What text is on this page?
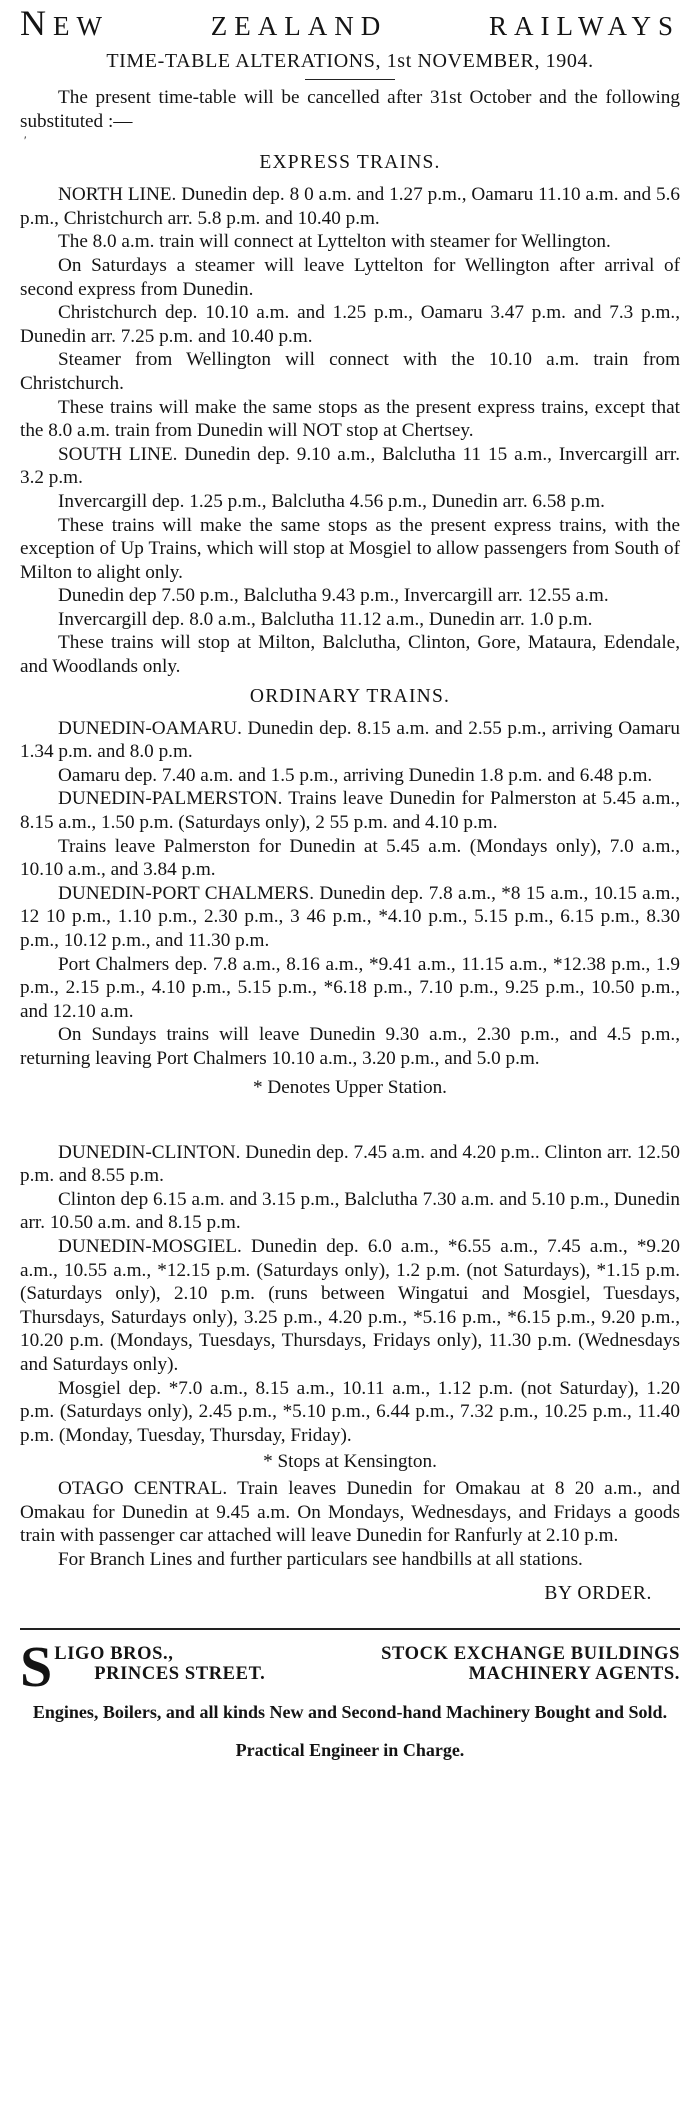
NEW	ZEALAND	RAILWAYS
TIME-TABLE ALTERATIONS, 1st NOVEMBER, 1904.

The present time-table will be cancelled after 31st October and the following substituted :—

′
EXPRESS TRAINS.

NORTH LINE. Dunedin dep. 8 0 a.m. and 1.27 p.m., Oamaru 11.10 a.m. and 5.6 p.m., Christchurch arr. 5.8 p.m. and 10.40 p.m.

The 8.0 a.m. train will connect at Lyttelton with steamer for Wellington.

On Saturdays a steamer will leave Lyttelton for Wellington after arrival of second express from Dunedin.

Christchurch dep. 10.10 a.m. and 1.25 p.m., Oamaru 3.47 p.m. and 7.3 p.m., Dunedin arr. 7.25 p.m. and 10.40 p.m.

Steamer from Wellington will connect with the 10.10 a.m. train from Christchurch.

These trains will make the same stops as the present express trains, except that the 8.0 a.m. train from Dunedin will NOT stop at Chertsey.

SOUTH LINE. Dunedin dep. 9.10 a.m., Balclutha 11 15 a.m., Invercargill arr. 3.2 p.m.

Invercargill dep. 1.25 p.m., Balclutha 4.56 p.m., Dunedin arr. 6.58 p.m.

These trains will make the same stops as the present express trains, with the exception of Up Trains, which will stop at Mosgiel to allow passengers from South of Milton to alight only.

Dunedin dep 7.50 p.m., Balclutha 9.43 p.m., Invercargill arr. 12.55 a.m.

Invercargill dep. 8.0 a.m., Balclutha 11.12 a.m., Dunedin arr. 1.0 p.m.

These trains will stop at Milton, Balclutha, Clinton, Gore, Mataura, Edendale, and Woodlands only.

ORDINARY TRAINS.

DUNEDIN-OAMARU. Dunedin dep. 8.15 a.m. and 2.55 p.m., arriving Oamaru 1.34 p.m. and 8.0 p.m.

Oamaru dep. 7.40 a.m. and 1.5 p.m., arriving Dunedin 1.8 p.m. and 6.48 p.m.

DUNEDIN-PALMERSTON. Trains leave Dunedin for Palmerston at 5.45 a.m., 8.15 a.m., 1.50 p.m. (Saturdays only), 2 55 p.m. and 4.10 p.m.

Trains leave Palmerston for Dunedin at 5.45 a.m. (Mondays only), 7.0 a.m., 10.10 a.m., and 3.84 p.m.

DUNEDIN-PORT CHALMERS. Dunedin dep. 7.8 a.m., *8 15 a.m., 10.15 a.m., 12 10 p.m., 1.10 p.m., 2.30 p.m., 3 46 p.m., *4.10 p.m., 5.15 p.m., 6.15 p.m., 8.30 p.m., 10.12 p.m., and 11.30 p.m.

Port Chalmers dep. 7.8 a.m., 8.16 a.m., *9.41 a.m., 11.15 a.m., *12.38 p.m., 1.9 p.m., 2.15 p.m., 4.10 p.m., 5.15 p.m., *6.18 p.m., 7.10 p.m., 9.25 p.m., 10.50 p.m., and 12.10 a.m.

On Sundays trains will leave Dunedin 9.30 a.m., 2.30 p.m., and 4.5 p.m., returning leaving Port Chalmers 10.10 a.m., 3.20 p.m., and 5.0 p.m.

* Denotes Upper Station.

DUNEDIN-CLINTON. Dunedin dep. 7.45 a.m. and 4.20 p.m.. Clinton arr. 12.50 p.m. and 8.55 p.m.

Clinton dep 6.15 a.m. and 3.15 p.m., Balclutha 7.30 a.m. and 5.10 p.m., Dunedin arr. 10.50 a.m. and 8.15 p.m.

DUNEDIN-MOSGIEL. Dunedin dep. 6.0 a.m., *6.55 a.m., 7.45 a.m., *9.20 a.m., 10.55 a.m., *12.15 p.m. (Saturdays only), 1.2 p.m. (not Saturdays), *1.15 p.m. (Saturdays only), 2.10 p.m. (runs between Wingatui and Mosgiel, Tuesdays, Thursdays, Saturdays only), 3.25 p.m., 4.20 p.m., *5.16 p.m., *6.15 p.m., 9.20 p.m., 10.20 p.m. (Mondays, Tuesdays, Thursdays, Fridays only), 11.30 p.m. (Wednesdays and Saturdays only).

Mosgiel dep. *7.0 a.m., 8.15 a.m., 10.11 a.m., 1.12 p.m. (not Saturday), 1.20 p.m. (Saturdays only), 2.45 p.m., *5.10 p.m., 6.44 p.m., 7.32 p.m., 10.25 p.m., 11.40 p.m. (Monday, Tuesday, Thursday, Friday).

* Stops at Kensington.

OTAGO CENTRAL. Train leaves Dunedin for Omakau at 8 20 a.m., and Omakau for Dunedin at 9.45 a.m. On Mondays, Wednesdays, and Fridays a goods train with passenger car attached will leave Dunedin for Ranfurly at 2.10 p.m.

For Branch Lines and further particulars see handbills at all stations.

BY ORDER.
S LIGO BROS.,
PRINCES STREET.
STOCK EXCHANGE BUILDINGS
MACHINERY AGENTS.
Engines, Boilers, and all kinds New and Second-hand Machinery Bought and Sold.
Practical Engineer in Charge.
